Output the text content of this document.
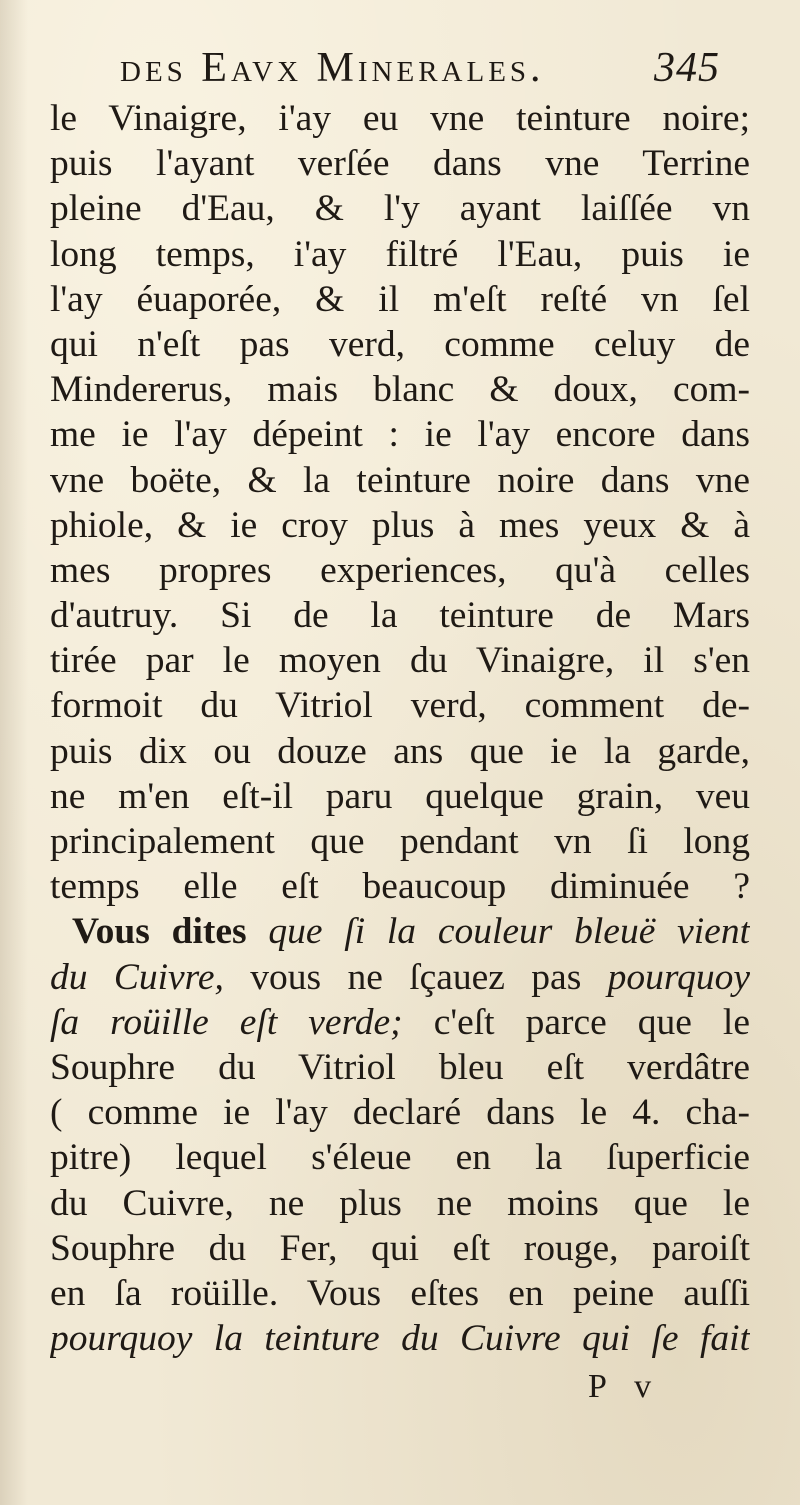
des Eavx Minerales.	345
le Vinaigre, i'ay eu vne teinture noire;
puis l'ayant verſée dans vne Terrine
pleine d'Eau, & l'y ayant laiſſée vn
long temps, i'ay filtré l'Eau, puis ie
l'ay éuaporée, & il m'eſt reſté vn ſel
qui n'eſt pas verd, comme celuy de
Mindererus, mais blanc & doux, com-
me ie l'ay dépeint : ie l'ay encore dans
vne boëte, & la teinture noire dans vne
phiole, & ie croy plus à mes yeux & à
mes propres experiences, qu'à celles
d'autruy. Si de la teinture de Mars
tirée par le moyen du Vinaigre, il s'en
formoit du Vitriol verd, comment de-
puis dix ou douze ans que ie la garde,
ne m'en eſt-il paru quelque grain, veu
principalement que pendant vn ſi long
temps elle eſt beaucoup diminuée ?
Vous dites que ſi la couleur bleuë vient
du Cuivre, vous ne ſçauez pas pourquoy
ſa roüille eſt verde; c'eſt parce que le
Souphre du Vitriol bleu eſt verdâtre
( comme ie l'ay declaré dans le 4. cha-
pitre) lequel s'éleue en la ſuperficie
du Cuivre, ne plus ne moins que le
Souphre du Fer, qui eſt rouge, paroiſt
en ſa roüille. Vous eſtes en peine auſſi
pourquoy la teinture du Cuivre qui ſe fait
P v
